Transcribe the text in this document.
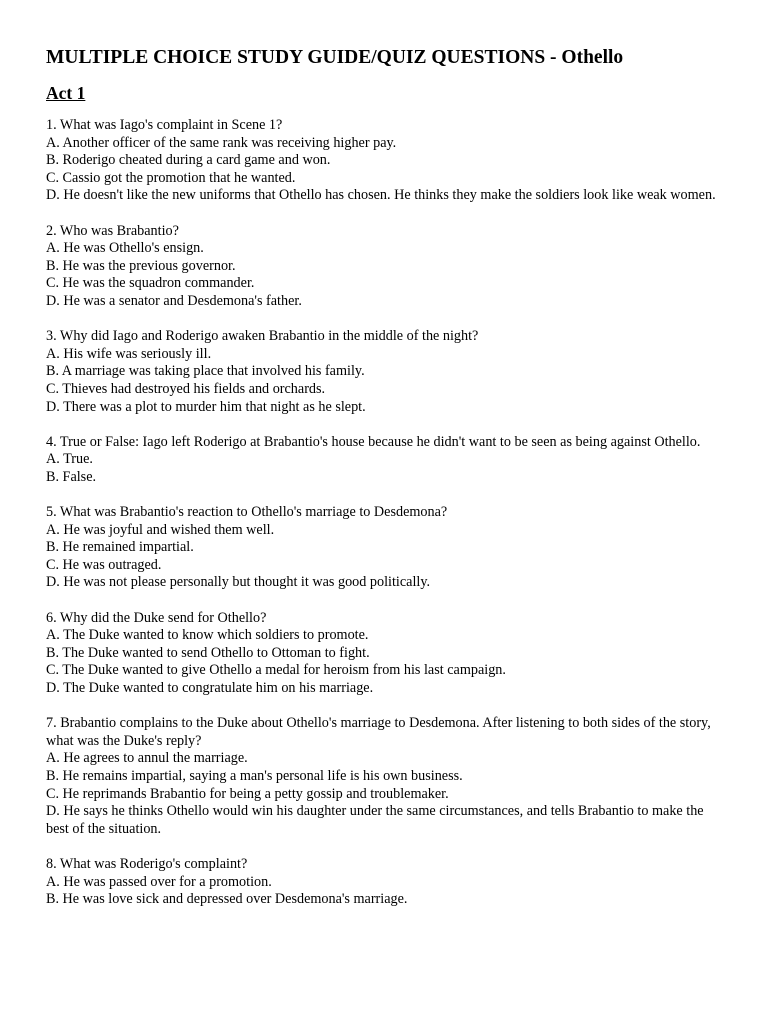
MULTIPLE CHOICE STUDY GUIDE/QUIZ QUESTIONS - Othello
Act 1
1. What was Iago's complaint in Scene 1?
A. Another officer of the same rank was receiving higher pay.
B. Roderigo cheated during a card game and won.
C. Cassio got the promotion that he wanted.
D. He doesn't like the new uniforms that Othello has chosen. He thinks they make the soldiers look like weak women.
2. Who was Brabantio?
A. He was Othello's ensign.
B. He was the previous governor.
C. He was the squadron commander.
D. He was a senator and Desdemona's father.
3. Why did Iago and Roderigo awaken Brabantio in the middle of the night?
A. His wife was seriously ill.
B. A marriage was taking place that involved his family.
C. Thieves had destroyed his fields and orchards.
D. There was a plot to murder him that night as he slept.
4. True or False: Iago left Roderigo at Brabantio's house because he didn't want to be seen as being against Othello.
A. True.
B. False.
5. What was Brabantio's reaction to Othello's marriage to Desdemona?
A. He was joyful and wished them well.
B. He remained impartial.
C. He was outraged.
D. He was not please personally but thought it was good politically.
6. Why did the Duke send for Othello?
A. The Duke wanted to know which soldiers to promote.
B. The Duke wanted to send Othello to Ottoman to fight.
C. The Duke wanted to give Othello a medal for heroism from his last campaign.
D. The Duke wanted to congratulate him on his marriage.
7. Brabantio complains to the Duke about Othello's marriage to Desdemona. After listening to both sides of the story, what was the Duke's reply?
A. He agrees to annul the marriage.
B. He remains impartial, saying a man's personal life is his own business.
C. He reprimands Brabantio for being a petty gossip and troublemaker.
D. He says he thinks Othello would win his daughter under the same circumstances, and tells Brabantio to make the best of the situation.
8. What was Roderigo's complaint?
A. He was passed over for a promotion.
B. He was love sick and depressed over Desdemona's marriage.
